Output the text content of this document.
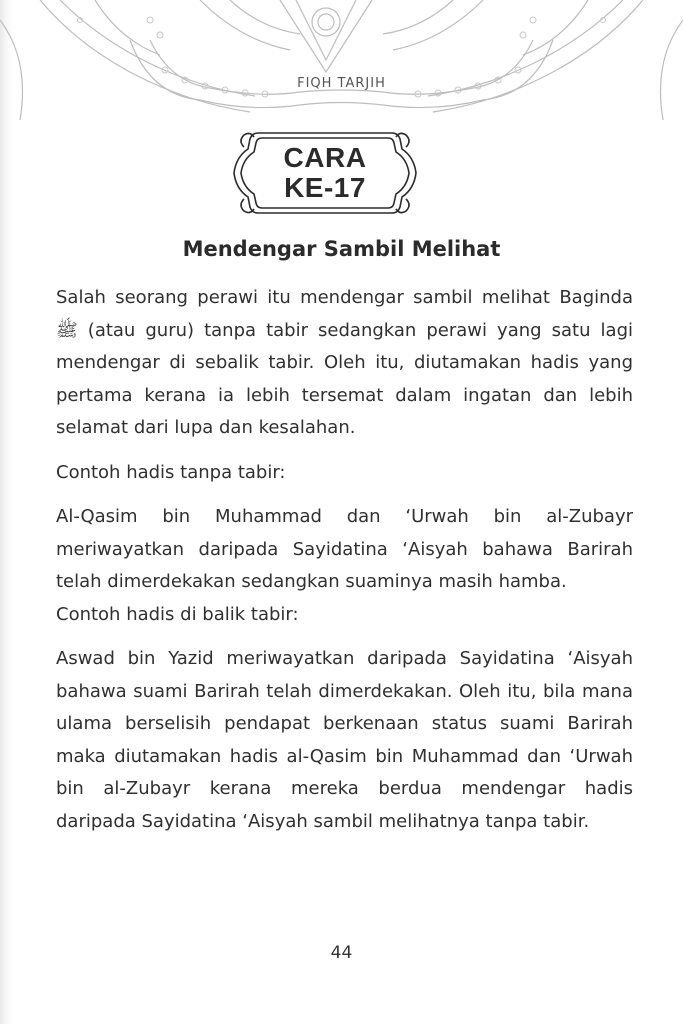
FIQH TARJIH
CARA
KE-17
Mendengar Sambil Melihat

Salah seorang perawi itu mendengar sambil melihat Baginda ﷺ (atau guru) tanpa tabir sedangkan perawi yang satu lagi mendengar di sebalik tabir. Oleh itu, diutamakan hadis yang pertama kerana ia lebih tersemat dalam ingatan dan lebih selamat dari lupa dan kesalahan.

Contoh hadis tanpa tabir:

Al-Qasim bin Muhammad dan ‘Urwah bin al-Zubayr meriwayatkan daripada Sayidatina ‘Aisyah bahawa Barirah telah dimerdekakan sedangkan suaminya masih hamba.

Contoh hadis di balik tabir:

Aswad bin Yazid meriwayatkan daripada Sayidatina ‘Aisyah bahawa suami Barirah telah dimerdekakan. Oleh itu, bila mana ulama berselisih pendapat berkenaan status suami Barirah maka diutamakan hadis al-Qasim bin Muhammad dan ‘Urwah bin al-Zubayr kerana mereka berdua mendengar hadis daripada Sayidatina ‘Aisyah sambil melihatnya tanpa tabir.

44
